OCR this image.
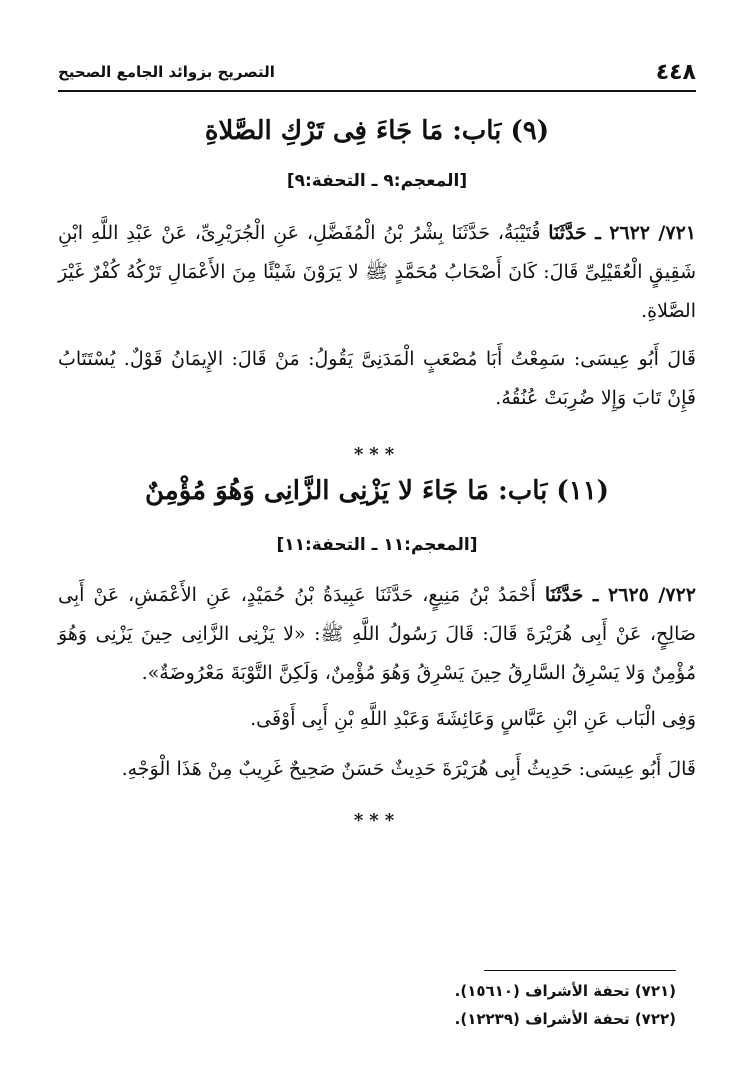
التصريح بزوائد الجامع الصحيح	٤٤٨
(٩) بَاب: مَا جَاءَ فِى تَرْكِ الصَّلاةِ
[المعجم:٩ ـ التحفة:٩]
٧٢١/ ٢٦٢٢ ـ حَدَّثَنَا قُتَيْبَةُ، حَدَّثَنَا بِشْرُ بْنُ الْمُفَضَّلِ، عَنِ الْجُرَيْرِىِّ، عَنْ عَبْدِ اللَّهِ ابْنِ شَقِيقٍ الْعُقَيْلِىِّ قَالَ: كَانَ أَصْحَابُ مُحَمَّدٍ ﷺ لا يَرَوْنَ شَيْئًا مِنَ الأَعْمَالِ تَرْكُهُ كُفْرٌ غَيْرَ الصَّلاةِ.
قَالَ أَبُو عِيسَى: سَمِعْتُ أَبَا مُصْعَبٍ الْمَدَنِىَّ يَقُولُ: مَنْ قَالَ: الإِيمَانُ قَوْلٌ. يُسْتَتَابُ فَإِنْ تَابَ وَإِلا ضُرِبَتْ عُنُقُهُ.
***
(١١) بَاب: مَا جَاءَ لا يَزْنِى الزَّانِى وَهُوَ مُؤْمِنٌ
[المعجم:١١ ـ التحفة:١١]
٧٢٢/ ٢٦٢٥ ـ حَدَّثَنَا أَحْمَدُ بْنُ مَنِيعٍ، حَدَّثَنَا عَبِيدَةُ بْنُ حُمَيْدٍ، عَنِ الأَعْمَشِ، عَنْ أَبِى صَالِحٍ، عَنْ أَبِى هُرَيْرَةَ قَالَ: قَالَ رَسُولُ اللَّهِ ﷺ: «لا يَزْنِى الزَّانِى حِينَ يَزْنِى وَهُوَ مُؤْمِنٌ وَلا يَسْرِقُ السَّارِقُ حِينَ يَسْرِقُ وَهُوَ مُؤْمِنٌ، وَلَكِنَّ التَّوْبَةَ مَعْرُوضَةٌ».
وَفِى الْبَاب عَنِ ابْنِ عَبَّاسٍ وَعَائِشَةَ وَعَبْدِ اللَّهِ بْنِ أَبِى أَوْفَى.
قَالَ أَبُو عِيسَى: حَدِيثُ أَبِى هُرَيْرَةَ حَدِيثٌ حَسَنٌ صَحِيحٌ غَرِيبٌ مِنْ هَذَا الْوَجْهِ.
***
(٧٢١) تحفة الأشراف (١٥٦١٠).
(٧٢٢) تحفة الأشراف (١٢٢٣٩).
